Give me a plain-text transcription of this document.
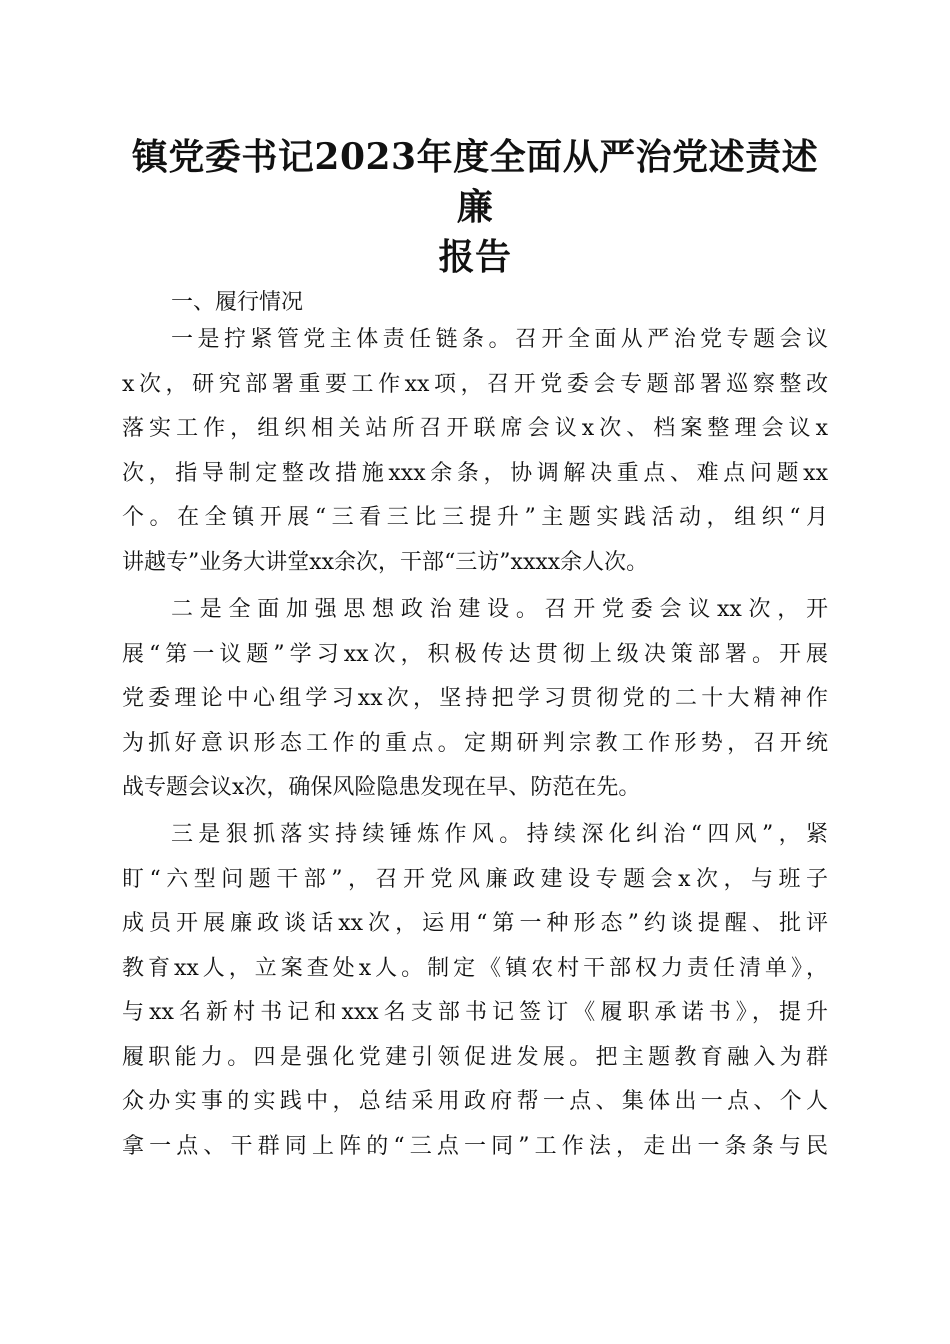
镇党委书记2023年度全面从严治党述责述廉
报告
一、履行情况
一是拧紧管党主体责任链条。召开全面从严治党专题会议
x次，研究部署重要工作xx项，召开党委会专题部署巡察整改
落实工作，组织相关站所召开联席会议x次、档案整理会议x
次，指导制定整改措施xxx余条，协调解决重点、难点问题xx
个。在全镇开展“三看三比三提升”主题实践活动，组织“月
讲越专”业务大讲堂xx余次，干部“三访”xxxx余人次。
二是全面加强思想政治建设。召开党委会议xx次，开
展“第一议题”学习xx次，积极传达贯彻上级决策部署。开展
党委理论中心组学习xx次，坚持把学习贯彻党的二十大精神作
为抓好意识形态工作的重点。定期研判宗教工作形势，召开统
战专题会议x次，确保风险隐患发现在早、防范在先。
三是狠抓落实持续锤炼作风。持续深化纠治“四风”，紧
盯“六型问题干部”，召开党风廉政建设专题会x次，与班子
成员开展廉政谈话xx次，运用“第一种形态”约谈提醒、批评
教育xx人，立案查处x人。制定《镇农村干部权力责任清单》，
与xx名新村书记和xxx名支部书记签订《履职承诺书》，提升
履职能力。四是强化党建引领促进发展。把主题教育融入为群
众办实事的实践中，总结采用政府帮一点、集体出一点、个人
拿一点、干群同上阵的“三点一同”工作法，走出一条条与民
